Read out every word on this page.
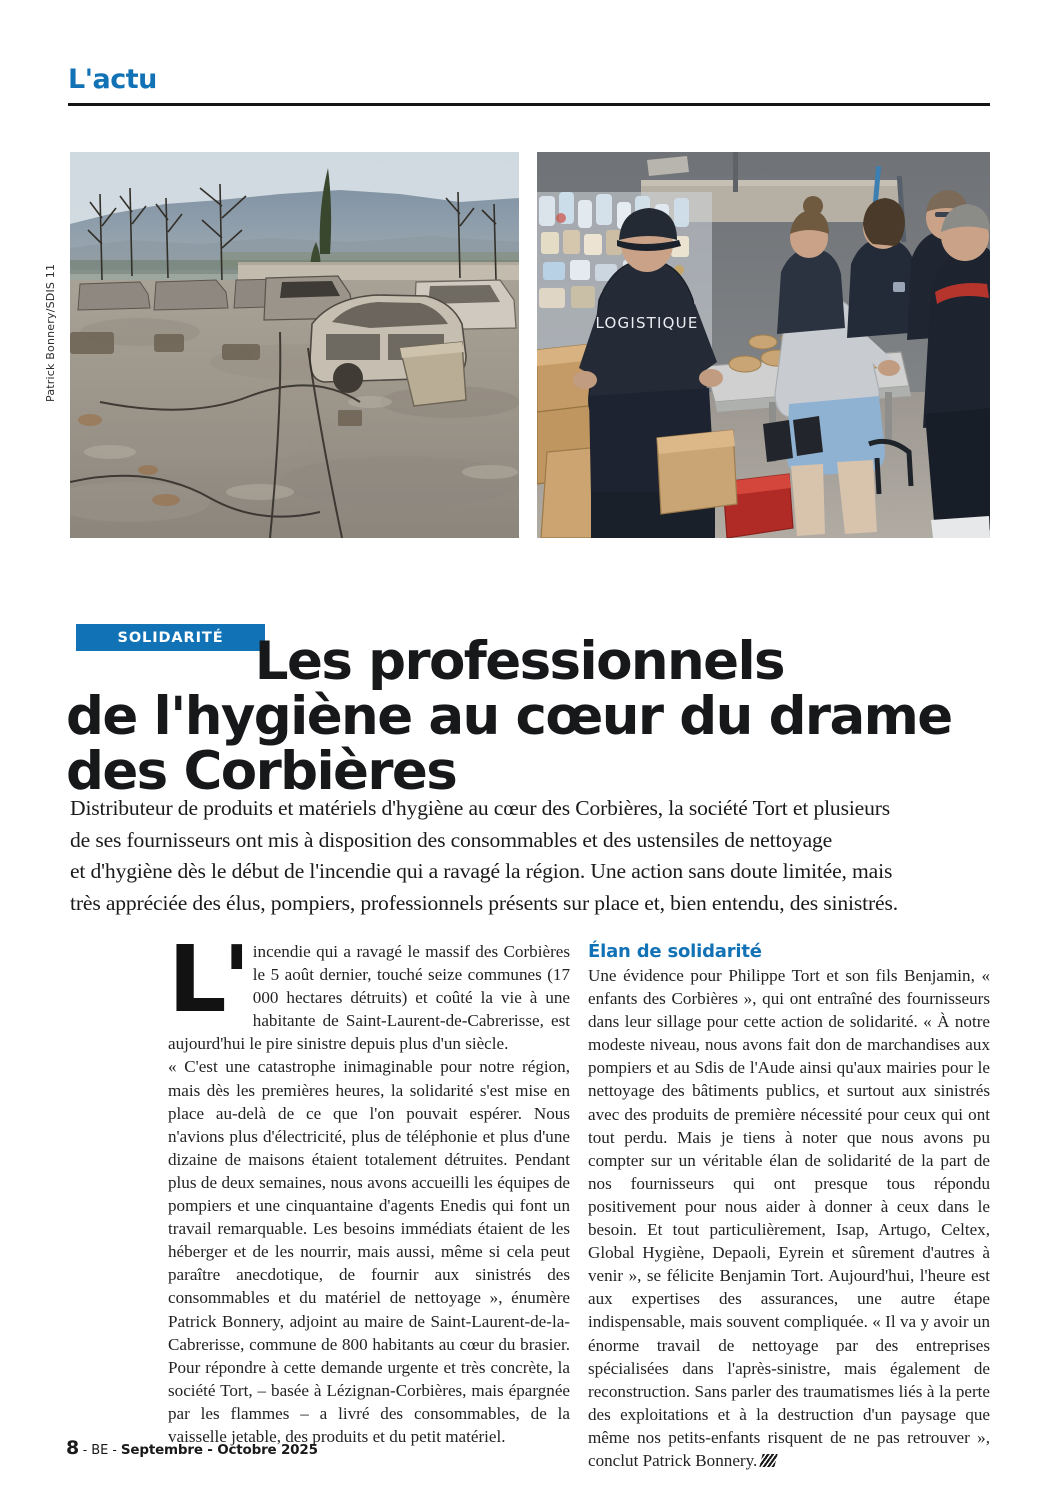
L'actu
LOGISTIQUE
Patrick Bonnery/SDIS 11
SOLIDARITÉ Les professionnels
de l'hygiène au cœur du drame
des Corbières
Distributeur de produits et matériels d'hygiène au cœur des Corbières, la société Tort et plusieurs
de ses fournisseurs ont mis à disposition des consommables et des ustensiles de nettoyage
et d'hygiène dès le début de l'incendie qui a ravagé la région. Une action sans doute limitée, mais
très appréciée des élus, pompiers, professionnels présents sur place et, bien entendu, des sinistrés.
L' incendie qui a ravagé le massif des Corbières le 5 août dernier, touché seize communes (17 000 hectares détruits) et coûté la vie à une habitante de Saint-Laurent-de-Cabrerisse, est aujourd'hui le pire sinistre depuis plus d'un siècle.

« C'est une catastrophe inimaginable pour notre région, mais dès les premières heures, la solidarité s'est mise en place au-delà de ce que l'on pouvait espérer. Nous n'avions plus d'électricité, plus de téléphonie et plus d'une dizaine de maisons étaient totalement détruites. Pendant plus de deux semaines, nous avons accueilli les équipes de pompiers et une cinquantaine d'agents Enedis qui font un travail remarquable. Les besoins immédiats étaient de les héberger et de les nourrir, mais aussi, même si cela peut paraître anecdotique, de fournir aux sinistrés des consommables et du matériel de nettoyage », énumère Patrick Bonnery, adjoint au maire de Saint-Laurent-de-la-Cabrerisse, commune de 800 habitants au cœur du brasier. Pour répondre à cette demande urgente et très concrète, la société Tort, – basée à Lézignan-Corbières, mais épargnée par les flammes – a livré des consommables, de la vaisselle jetable, des produits et du petit matériel.

Élan de solidarité

Une évidence pour Philippe Tort et son fils Benjamin, « enfants des Corbières », qui ont entraîné des fournisseurs dans leur sillage pour cette action de solidarité. « À notre modeste niveau, nous avons fait don de marchandises aux pompiers et au Sdis de l'Aude ainsi qu'aux mairies pour le nettoyage des bâtiments publics, et surtout aux sinistrés avec des produits de première nécessité pour ceux qui ont tout perdu. Mais je tiens à noter que nous avons pu compter sur un véritable élan de solidarité de la part de nos fournisseurs qui ont presque tous répondu positivement pour nous aider à donner à ceux dans le besoin. Et tout particulièrement, Isap, Artugo, Celtex, Global Hygiène, Depaoli, Eyrein et sûrement d'autres à venir », se félicite Benjamin Tort. Aujourd'hui, l'heure est aux expertises des assurances, une autre étape indispensable, mais souvent compliquée. « Il va y avoir un énorme travail de nettoyage par des entreprises spécialisées dans l'après-sinistre, mais également de reconstruction. Sans parler des traumatismes liés à la perte des exploitations et à la destruction d'un paysage que même nos petits-enfants risquent de ne pas retrouver », conclut Patrick Bonnery.

8 - BE - Septembre - Octobre 2025
